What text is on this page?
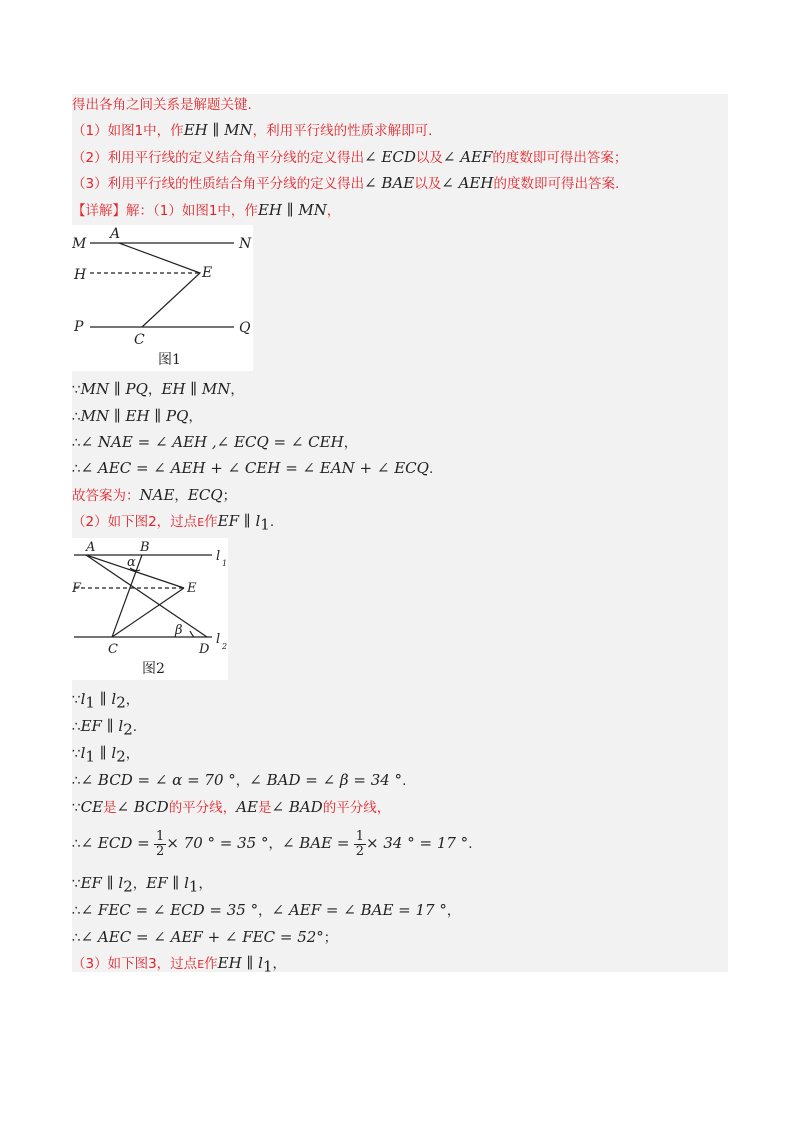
得出各角之间关系是解题关键.
（1）如图1中，作EH ∥ MN，利用平行线的性质求解即可.
（2）利用平行线的定义结合角平分线的定义得出∠ ECD以及∠ AEF的度数即可得出答案；
（3）利用平行线的性质结合角平分线的定义得出∠ BAE以及∠ AEH的度数即可得出答案.
【详解】解：（1）如图1中，作EH ∥ MN，
M
A
N
H	E
P
C
Q
图1
∵MN ∥ PQ，EH ∥ MN，
∴MN ∥ EH ∥ PQ，
∴∠ NAE = ∠ AEH ,∠ ECQ = ∠ CEH，
∴∠ AEC = ∠ AEH + ∠ CEH = ∠ EAN + ∠ ECQ.
故答案为：NAE，ECQ；
（2）如下图2，过点E作EF ∥ $l_1$.
A	B
l 1
α
F	E
β
C	D
l 2
图2
$\because l_1$ ∥ $l_2$，
∴EF ∥ $l_2$.
$\because l_1$ ∥ $l_2$，
∴∠ BCD = ∠ α = 70 °，∠ BAD = ∠ β = 34 °.
∵CE是∠ BCD的平分线，AE是∠ BAD的平分线，
∴∠ ECD = $\frac{1}{2} \times 70$ ° = 35 °，∠ BAE = $\frac{1}{2} \times 34$ ° = 17 °.
∵EF ∥ $l_2$，EF ∥ $l_1$，
∴∠ FEC = ∠ ECD = 35 °，∠ AEF = ∠ BAE = 17 °，
∴∠ AEC = ∠ AEF + ∠ FEC = 52°；
（3）如下图3，过点E作EH ∥ $l_1$，
